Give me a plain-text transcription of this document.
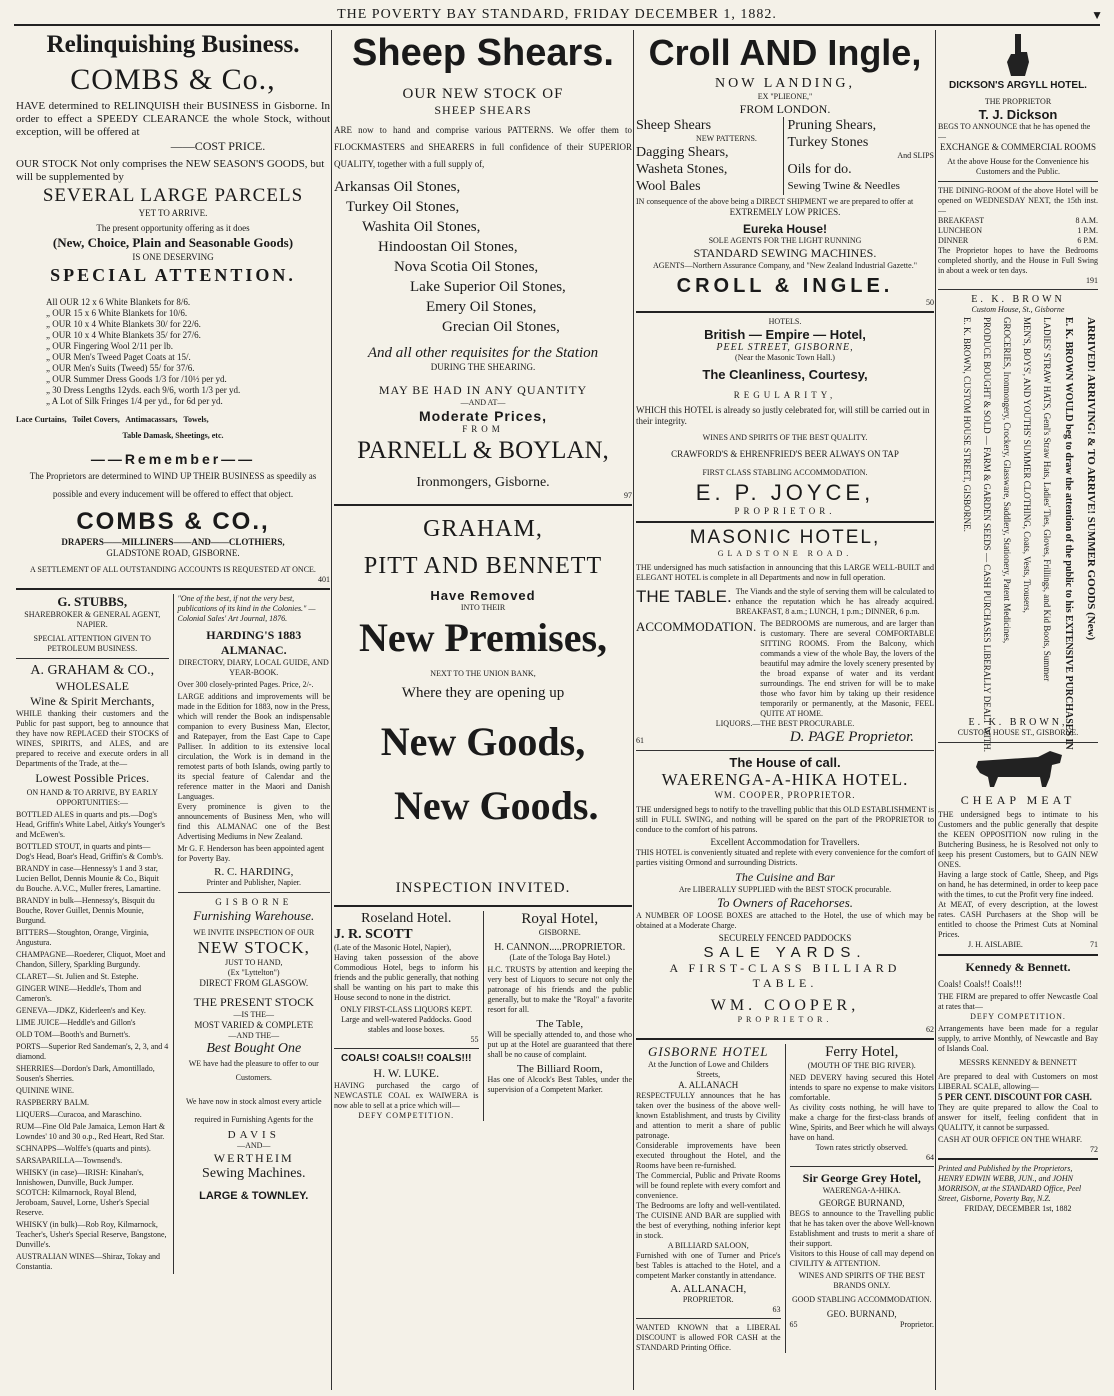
THE POVERTY BAY STANDARD, FRIDAY DECEMBER 1, 1882.	▼
Relinquishing Business.
COMBS & Co.,
HAVE determined to RELINQUISH their BUSINESS in Gisborne. In order to effect a SPEEDY CLEARANCE the whole Stock, without exception, will be offered at
——COST PRICE.
OUR STOCK Not only comprises the NEW SEASON'S GOODS, but will be supplemented by
SEVERAL LARGE PARCELS
YET TO ARRIVE.
The present opportunity offering as it does
(New, Choice, Plain and Seasonable Goods)
IS ONE DESERVING
SPECIAL ATTENTION.
All OUR 12 x 6 White Blankets for 8/6.
„ OUR 15 x 6 White Blankets for 10/6.
„ OUR 10 x 4 White Blankets 30/ for 22/6.
„ OUR 10 x 4 White Blankets 35/ for 27/6.
„ OUR Fingering Wool 2/11 per lb.
„ OUR Men's Tweed Paget Coats at 15/.
„ OUR Men's Suits (Tweed) 55/ for 37/6.
„ OUR Summer Dress Goods 1/3 for /10½ per yd.
„ 30 Dress Lengths 12yds. each 9/6, worth 1/3 per yd.
„ A Lot of Silk Fringes 1/4 per yd., for 6d per yd.
Lace Curtains,   Toilet Covers,   Antimacassars,   Towels,
Table Damask, Sheetings, etc.
——Remember——
The Proprietors are determined to WIND UP THEIR BUSINESS as speedily as possible and every inducement will be offered to effect that object.
COMBS & CO.,
DRAPERS——MILLINERS——AND——CLOTHIERS,
GLADSTONE ROAD, GISBORNE.
A SETTLEMENT OF ALL OUTSTANDING ACCOUNTS IS REQUESTED AT ONCE.
401
G. STUBBS,
SHAREBROKER & GENERAL AGENT, NAPIER.
SPECIAL ATTENTION GIVEN TO PETROLEUM BUSINESS.
A. GRAHAM & CO.,
WHOLESALE
Wine & Spirit Merchants,
WHILE thanking their customers and the Public for past support, beg to announce that they have now REPLACED their STOCKS of WINES, SPIRITS, and ALES, and are prepared to receive and execute orders in all Departments of the Trade, at the—
Lowest Possible Prices.
ON HAND & TO ARRIVE, BY EARLY OPPORTUNITIES:—
BOTTLED ALES in quarts and pts.—Dog's Head, Griffin's White Label, Aitky's Younger's and McEwen's.
BOTTLED STOUT, in quarts and pints—Dog's Head, Boar's Head, Griffin's & Comb's.
BRANDY in case—Hennessy's 1 and 3 star, Lucien Bellot, Dennis Mounie & Co., Biquit du Bouche. A.V.C., Muller freres, Lamartine.
BRANDY in bulk—Hennessy's, Bisquit du Bouche, Rover Guillet, Dennis Mounie, Burgund.
BITTERS—Stoughton, Orange, Virginia, Angustura.
CHAMPAGNE—Roederer, Cliquot, Moet and Chandon, Sillery, Sparkling Burgundy.
CLARET—St. Julien and St. Estephe.
GINGER WINE—Heddle's, Thom and Cameron's.
GENEVA—JDKZ, Kiderleen's and Key.
LIME JUICE—Heddle's and Gillon's
OLD TOM—Booth's and Burnett's.
PORTS—Superior Red Sandeman's, 2, 3, and 4 diamond.
SHERRIES—Dordon's Dark, Amontillado, Sousen's Sherries.
QUININE WINE.
RASPBERRY BALM.
LIQUERS—Curacoa, and Maraschino.
RUM—Fine Old Pale Jamaica, Lemon Hart & Lowndes' 10 and 30 o.p., Red Heart, Red Star.
SCHNAPPS—Wolffe's (quarts and pints).
SARSAPARILLA—Townsend's.
WHISKY (in case)—IRISH: Kinahan's, Innishowen, Dunville, Buck Jumper. SCOTCH: Kilmarnock, Royal Blend, Jeroboam, Sauvel, Lorne, Usher's Special Reserve.
WHISKY (in bulk)—Rob Roy, Kilmarnock, Teacher's, Usher's Special Reserve, Bangstone, Dunville's.
AUSTRALIAN WINES—Shiraz, Tokay and Constantia.
"One of the best, if not the very best, publications of its kind in the Colonies." —Colonial Sales' Art Journal, 1876.
HARDING'S 1883 ALMANAC.
DIRECTORY, DIARY, LOCAL GUIDE, AND YEAR-BOOK.
Over 300 closely-printed Pages. Price, 2/-.
LARGE additions and improvements will be made in the Edition for 1883, now in the Press, which will render the Book an indispensable companion to every Business Man, Elector, and Ratepayer, from the East Cape to Cape Palliser. In addition to its extensive local circulation, the Work is in demand in the remotest parts of both Islands, owing partly to its special feature of Calendar and the reference matter in the Maori and Danish Languages.
Every prominence is given to the announcements of Business Men, who will find this ALMANAC one of the Best Advertising Mediums in New Zealand.
Mr G. F. Henderson has been appointed agent for Poverty Bay.
R. C. HARDING,
Printer and Publisher, Napier.
GISBORNE
Furnishing Warehouse.
WE INVITE INSPECTION OF OUR
NEW STOCK,
JUST TO HAND,
(Ex "Lyttelton")
DIRECT FROM GLASGOW.
THE PRESENT STOCK
—IS THE—
MOST VARIED & COMPLETE
—AND THE—
Best Bought One
WE have had the pleasure to offer to our Customers.
We have now in stock almost every article required in Furnishing Agents for the
DAVIS
—AND—
WERTHEIM
Sewing Machines.
LARGE & TOWNLEY.
Sheep Shears.
OUR NEW STOCK OF
SHEEP SHEARS
ARE now to hand and comprise various PATTERNS. We offer them to FLOCKMASTERS and SHEARERS in full confidence of their SUPERIOR QUALITY, together with a full supply of,
Arkansas Oil Stones,
Turkey Oil Stones,
Washita Oil Stones,
Hindoostan Oil Stones,
Nova Scotia Oil Stones,
Lake Superior Oil Stones,
Emery Oil Stones,
Grecian Oil Stones,
And all other requisites for the Station
DURING THE SHEARING.
MAY BE HAD IN ANY QUANTITY
—AND AT—
Moderate Prices,
FROM
PARNELL & BOYLAN,
Ironmongers, Gisborne.
97
GRAHAM,
PITT AND BENNETT
Have Removed
INTO THEIR
New Premises,
NEXT TO THE UNION BANK,
Where they are opening up
New Goods,
New Goods.
INSPECTION INVITED.
Roseland Hotel.
J. R. SCOTT
(Late of the Masonic Hotel, Napier),
Having taken possession of the above Commodious Hotel, begs to inform his friends and the public generally, that nothing shall be wanting on his part to make this House second to none in the district.
ONLY FIRST-CLASS LIQUORS KEPT.
Large and well-watered Paddocks. Good stables and loose boxes.
55
COALS! COALS!! COALS!!!
H. W. LUKE.
HAVING purchased the cargo of NEWCASTLE COAL ex WAIWERA is now able to sell at a price which will—
DEFY COMPETITION.
Royal Hotel,
GISBORNE.
H. CANNON.....PROPRIETOR.
(Late of the Tologa Bay Hotel.)
H.C. TRUSTS by attention and keeping the very best of Liquors to secure not only the patronage of his friends and the public generally, but to make the "Royal" a favorite resort for all.
The Table,
Will be specially attended to, and those who put up at the Hotel are guaranteed that there shall be no cause of complaint.
The Billiard Room,
Has one of Alcock's Best Tables, under the supervision of a Competent Marker.
Croll AND Ingle,
NOW LANDING,
EX "PLIEONE,"
FROM LONDON.
Sheep Shears
NEW PATTERNS.
Dagging Shears,
Washeta Stones,
Wool Bales
Pruning Shears,
Turkey Stones
And SLIPS
Oils for do.
Sewing Twine & Needles
IN consequence of the above being a DIRECT SHIPMENT we are prepared to offer at
EXTREMELY LOW PRICES.
Eureka House!
SOLE AGENTS FOR THE LIGHT RUNNING
STANDARD SEWING MACHINES.
AGENTS—Northern Assurance Company, and "New Zealand Industrial Gazette."
CROLL & INGLE.
50
HOTELS.
British — Empire — Hotel,
PEEL STREET, GISBORNE,
(Near the Masonic Town Hall.)
The Cleanliness, Courtesy,
REGULARITY,
WHICH this HOTEL is already so justly celebrated for, will still be carried out in their integrity.
WINES AND SPIRITS OF THE BEST QUALITY.
CRAWFORD'S & EHRENFRIED'S BEER ALWAYS ON TAP
FIRST CLASS STABLING ACCOMMODATION.
E. P. JOYCE,
PROPRIETOR.
MASONIC HOTEL,
GLADSTONE ROAD.
THE undersigned has much satisfaction in announcing that this LARGE WELL-BUILT and ELEGANT HOTEL is complete in all Departments and now in full operation.
THE TABLE. The Viands and the style of serving them will be calculated to enhance the reputation which he has already acquired. BREAKFAST, 8 a.m.; LUNCH, 1 p.m.; DINNER, 6 p.m.
ACCOMMODATION. The BEDROOMS are numerous, and are larger than is customary. There are several COMFORTABLE SITTING ROOMS. From the Balcony, which commands a view of the whole Bay, the lovers of the beautiful may admire the lovely scenery presented by the broad expanse of water and its verdant surroundings. The end striven for will be to make those who favor him by taking up their residence temporarily or permanently, at the Masonic, FEEL QUITE AT HOME.
LIQUORS.—THE BEST PROCURABLE.
61	D. PAGE Proprietor.
The House of call.
WAERENGA-A-HIKA HOTEL.
WM. COOPER, PROPRIETOR.
THE undersigned begs to notify to the travelling public that this OLD ESTABLISHMENT is still in FULL SWING, and nothing will be spared on the part of the PROPRIETOR to conduce to the comfort of his patrons.
Excellent Accommodation for Travellers.
THIS HOTEL is conveniently situated and replete with every convenience for the comfort of parties visiting Ormond and surrounding Districts.
The Cuisine and Bar
Are LIBERALLY SUPPLIED with the BEST STOCK procurable.
To Owners of Racehorses.
A NUMBER OF LOOSE BOXES are attached to the Hotel, the use of which may be obtained at a Moderate Charge.
SECURELY FENCED PADDOCKS
SALE YARDS.
A FIRST-CLASS BILLIARD TABLE.
WM. COOPER,
PROPRIETOR.
62
GISBORNE HOTEL
At the Junction of Lowe and Childers Streets,
A. ALLANACH
RESPECTFULLY announces that he has taken over the business of the above well-known Establishment, and trusts by Civility and attention to merit a share of public patronage.
Considerable improvements have been executed throughout the Hotel, and the Rooms have been re-furnished.
The Commercial, Public and Private Rooms will be found replete with every comfort and convenience.
The Bedrooms are lofty and well-ventilated. The CUISINE AND BAR are supplied with the best of everything, nothing inferior kept in stock.
A BILLIARD SALOON,
Furnished with one of Turner and Price's best Tables is attached to the Hotel, and a competent Marker constantly in attendance.
A. ALLANACH,
PROPRIETOR.
63
WANTED KNOWN that a LIBERAL DISCOUNT is allowed FOR CASH at the STANDARD Printing Office.
Ferry Hotel,
(MOUTH OF THE BIG RIVER).
NED DEVERY having secured this Hotel intends to spare no expense to make visitors comfortable.
As civility costs nothing, he will have to make a charge for the first-class brands of Wine, Spirits, and Beer which he will always have on hand.
Town rates strictly observed.
64
Sir George Grey Hotel,
WAERENGA-A-HIKA.
GEORGE BURNAND,
BEGS to announce to the Travelling public that he has taken over the above Well-known Establishment and trusts to merit a share of their support.
Visitors to this House of call may depend on CIVILITY & ATTENTION.
WINES AND SPIRITS OF THE BEST BRANDS ONLY.
GOOD STABLING ACCOMMODATION.
GEO. BURNAND,
65	Proprietor.
DICKSON'S ARGYLL HOTEL.
THE PROPRIETOR
T. J. Dickson
BEGS TO ANNOUNCE that he has opened the—
EXCHANGE & COMMERCIAL ROOMS
At the above House for the Convenience his Customers and the Public.
THE DINING-ROOM of the above Hotel will be opened on WEDNESDAY NEXT, the 15th inst.—
BREAKFAST	8 A.M.
LUNCHEON	1 P.M.
DINNER	6 P.M.
The Proprietor hopes to have the Bedrooms completed shortly, and the House in Full Swing in about a week or ten days.
191
E. K. BROWN
Custom House, St., Gisborne
ARRIVED! ARRIVING! & TO ARRIVE! SUMMER GOODS (New)
E. K. BROWN WOULD beg to draw the attention of the public to his EXTENSIVE PURCHASES IN
LADIES' STRAW HATS, Genl's Straw Hats, Ladies' Ties, Gloves, Frillings, and Kid Boots, Summer
MEN'S, BOYS', AND YOUTHS' SUMMER CLOTHING, Coats, Vests, Trousers,
GROCERIES, Ironmongery, Crockery, Glassware, Saddlery, Stationery, Patent Medicines,
PRODUCE BOUGHT & SOLD — FARM & GARDEN SEEDS — CASH PURCHASES LIBERALLY DEALT WITH.
E. K. BROWN, CUSTOM HOUSE STREET, GISBORNE.
E. K. BROWN,
CUSTOM HOUSE ST., GISBORNE.
CHEAP MEAT
THE undersigned begs to intimate to his Customers and the public generally that despite the KEEN OPPOSITION now ruling in the Butchering Business, he is Resolved not only to keep his present Customers, but to GAIN NEW ONES.
Having a large stock of Cattle, Sheep, and Pigs on hand, he has determined, in order to keep pace with the times, to cut the Profit very fine indeed.
At MEAT, of every description, at the lowest rates. CASH Purchasers at the Shop will be entitled to choose the Primest Cuts at Nominal Prices.
J. H. AISLABIE.	71
Kennedy & Bennett.
Coals! Coals!! Coals!!!
THE FIRM are prepared to offer Newcastle Coal at rates that—
DEFY COMPETITION.
Arrangements have been made for a regular supply, to arrive Monthly, of Newcastle and Bay of Islands Coal.
MESSRS KENNEDY & BENNETT
Are prepared to deal with Customers on most LIBERAL SCALE, allowing—
5 PER CENT. DISCOUNT FOR CASH.
They are quite prepared to allow the Coal to answer for itself, feeling confident that in QUALITY, it cannot be surpassed.
CASH AT OUR OFFICE ON THE WHARF.
72
Printed and Published by the Proprietors, HENRY EDWIN WEBB, JUN., and JOHN MORRISON, at the STANDARD Office, Peel Street, Gisborne, Poverty Bay, N.Z.
FRIDAY, DECEMBER 1st, 1882
